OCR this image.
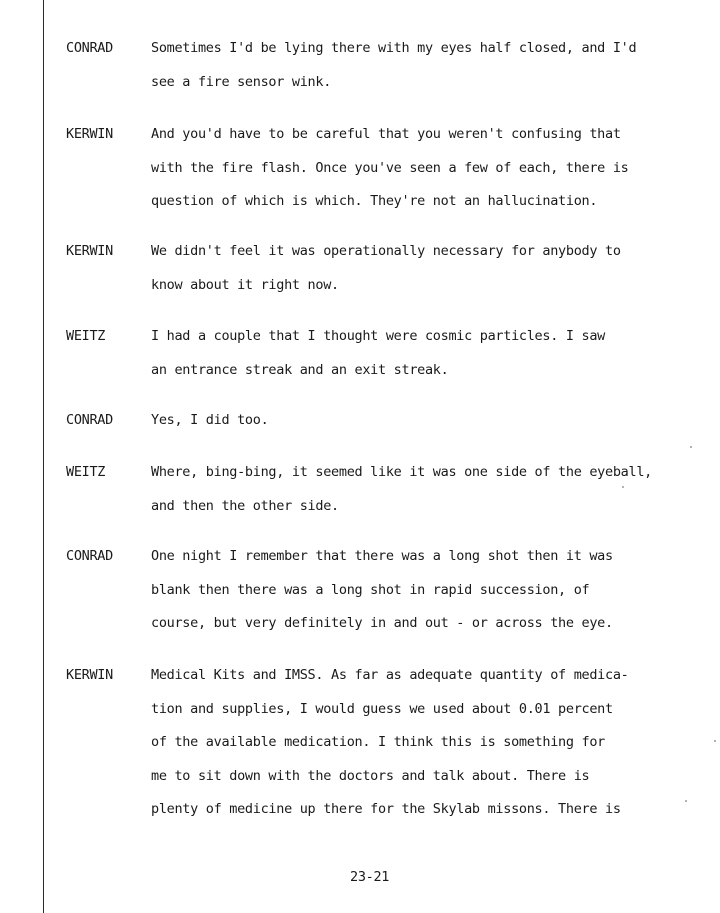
CONRAD	Sometimes I'd be lying there with my eyes half closed, and I'd
see a fire sensor wink.
KERWIN	And you'd have to be careful that you weren't confusing that
with the fire flash. Once you've seen a few of each, there is
question of which is which. They're not an hallucination.
KERWIN	We didn't feel it was operationally necessary for anybody to
know about it right now.
WEITZ	I had a couple that I thought were cosmic particles. I saw
an entrance streak and an exit streak.
CONRAD	Yes, I did too.
WEITZ	Where, bing-bing, it seemed like it was one side of the eyeball,
and then the other side.
CONRAD	One night I remember that there was a long shot then it was
blank then there was a long shot in rapid succession, of
course, but very definitely in and out - or across the eye.
KERWIN	Medical Kits and IMSS. As far as adequate quantity of medica-
tion and supplies, I would guess we used about 0.01 percent
of the available medication. I think this is something for
me to sit down with the doctors and talk about. There is
plenty of medicine up there for the Skylab missons. There is
23-21
